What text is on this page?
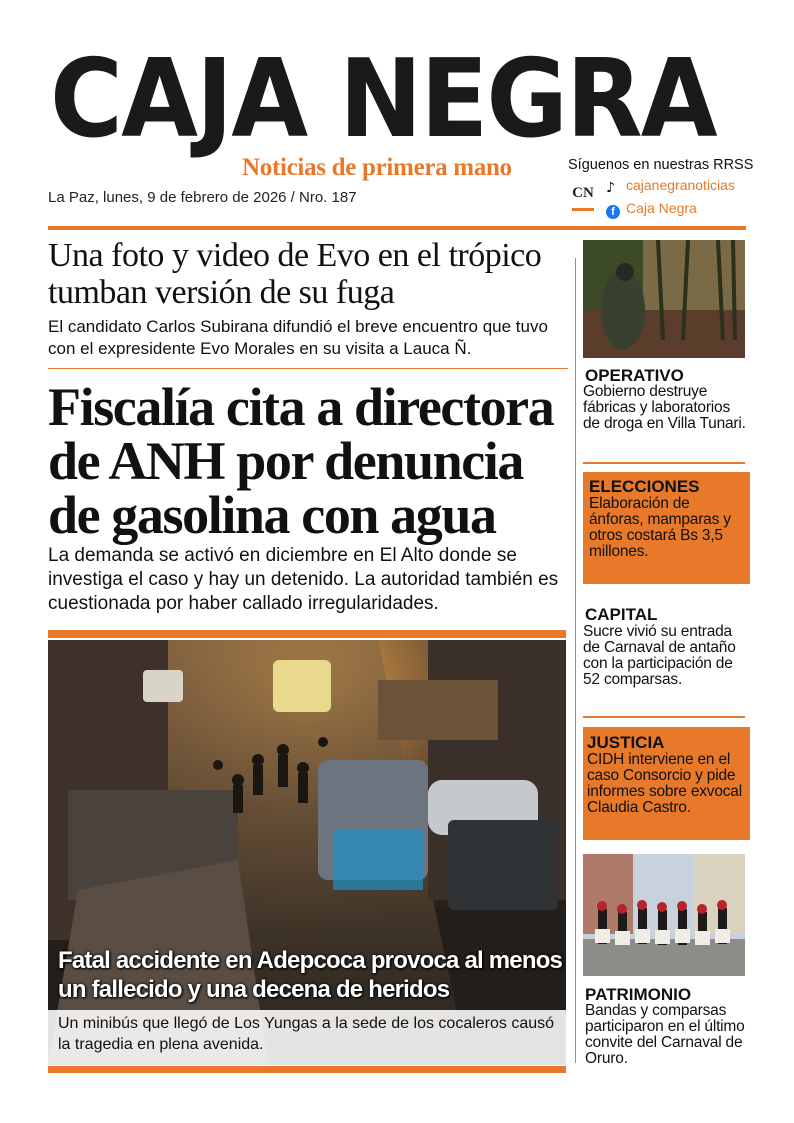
CAJA NEGRA
Noticias de primera mano
La Paz, lunes, 9 de febrero de 2026 / Nro. 187
Síguenos en nuestras RRSS
CN ♪ cajanegranoticias
f Caja Negra
Una foto y video de Evo en el trópico tumban versión de su fuga
El candidato Carlos Subirana difundió el breve encuentro que tuvo con el expresidente Evo Morales en su visita a Lauca Ñ.
Fiscalía cita a directora de ANH por denuncia de gasolina con agua
La demanda se activó en diciembre en El Alto donde se investiga el caso y hay un detenido. La autoridad también es cuestionada por haber callado irregularidades.
Fatal accidente en Adepcoca provoca al menos un fallecido y una decena de heridos
Un minibús que llegó de Los Yungas a la sede de los cocaleros causó la tragedia en plena avenida.
OPERATIVO
Gobierno destruye fábricas y laboratorios de droga en Villa Tunari.
ELECCIONES
Elaboración de ánforas, mamparas y otros costará Bs 3,5 millones.
CAPITAL
Sucre vivió su entrada de Carnaval de antaño con la participación de 52 comparsas.
JUSTICIA
CIDH interviene en el caso Consorcio y pide informes sobre exvocal Claudia Castro.
PATRIMONIO
Bandas y comparsas participaron en el último convite del Carnaval de Oruro.
